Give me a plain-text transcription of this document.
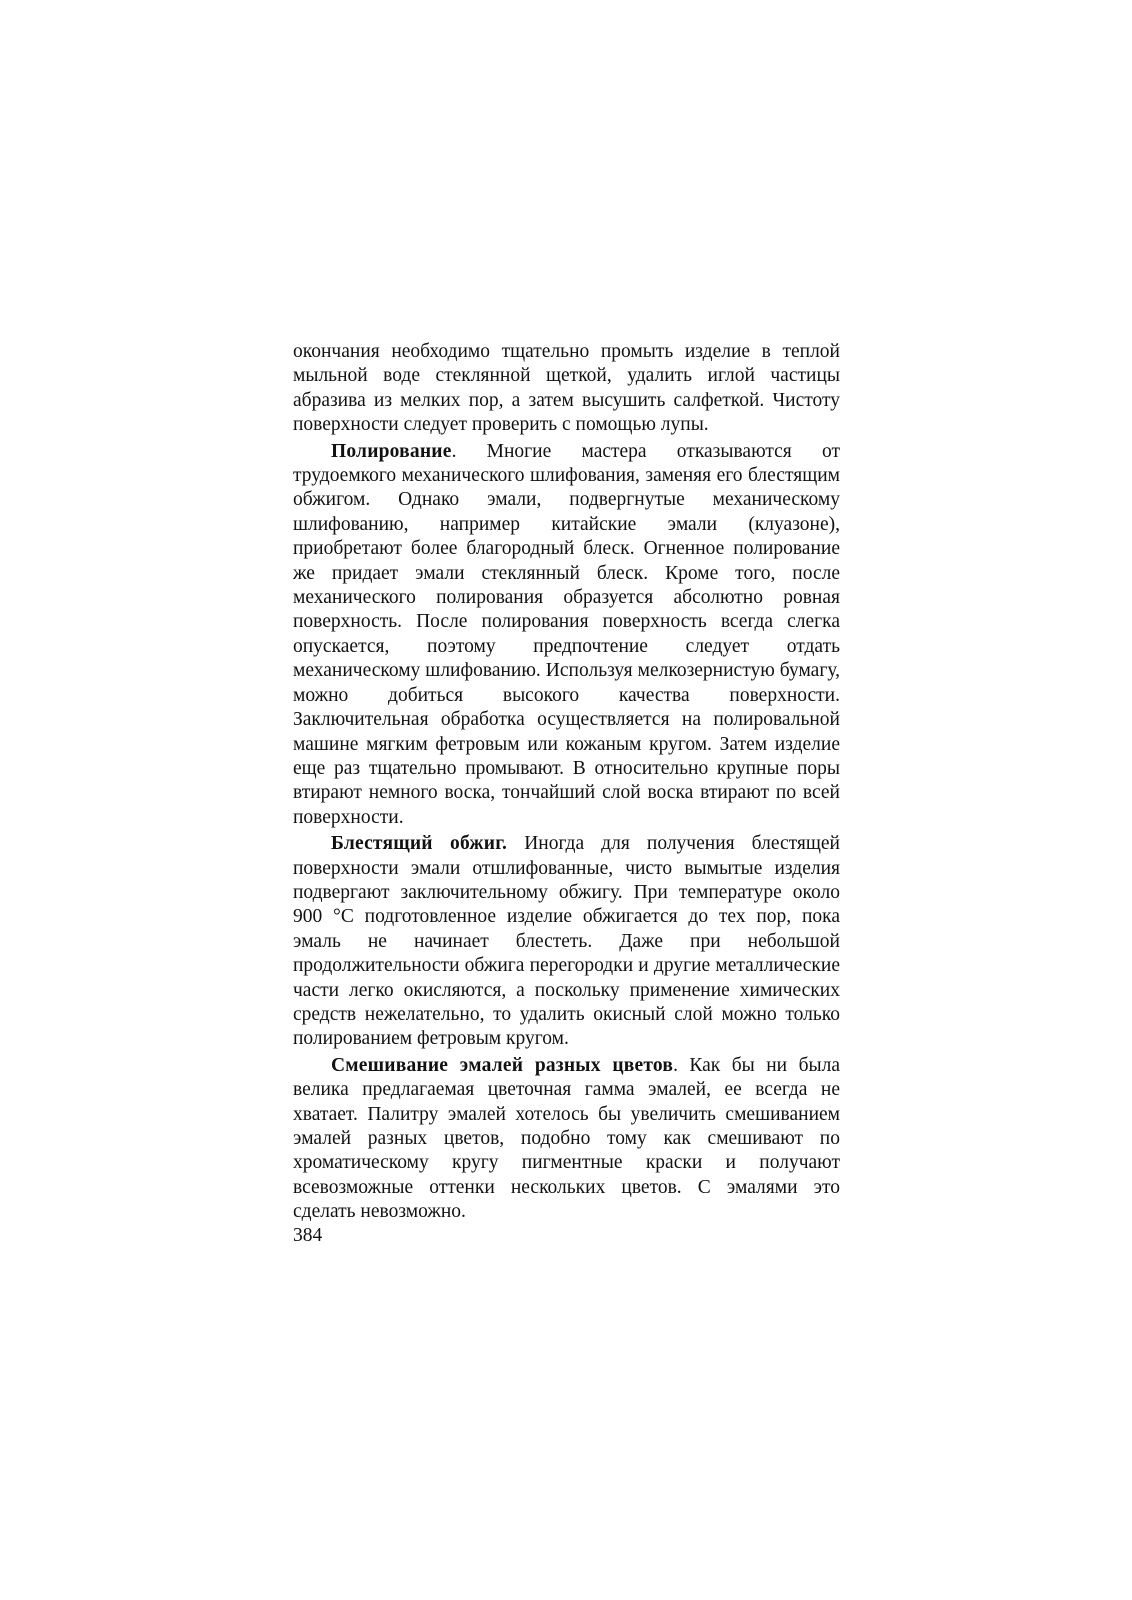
окончания необходимо тщательно промыть изделие в теплой мыльной воде стеклянной щеткой, удалить иглой частицы абразива из мелких пор, а затем высушить салфеткой. Чистоту поверхности следует проверить с помощью лупы.

Полирование. Многие мастера отказываются от трудоемкого механического шлифования, заменяя его блестящим обжигом. Однако эмали, подвергнутые механическому шлифованию, например китайские эмали (клуазоне), приобретают более благородный блеск. Огненное полирование же придает эмали стеклянный блеск. Кроме того, после механического полирования образуется абсолютно ровная поверхность. После полирования поверхность всегда слегка опускается, поэтому предпочтение следует отдать механическому шлифованию. Используя мелкозернистую бумагу, можно добиться высокого качества поверхности. Заключительная обработка осуществляется на полировальной машине мягким фетровым или кожаным кругом. Затем изделие еще раз тщательно промывают. В относительно крупные поры втирают немного воска, тончайший слой воска втирают по всей поверхности.

Блестящий обжиг. Иногда для получения блестящей поверхности эмали отшлифованные, чисто вымытые изделия подвергают заключительному обжигу. При температуре около 900 °C подготовленное изделие обжигается до тех пор, пока эмаль не начинает блестеть. Даже при небольшой продолжительности обжига перегородки и другие металлические части легко окисляются, а поскольку применение химических средств нежелательно, то удалить окисный слой можно только полированием фетровым кругом.

Смешивание эмалей разных цветов. Как бы ни была велика предлагаемая цветочная гамма эмалей, ее всегда не хватает. Палитру эмалей хотелось бы увеличить смешиванием эмалей разных цветов, подобно тому как смешивают по хроматическому кругу пигментные краски и получают всевозможные оттенки нескольких цветов. С эмалями это сделать невозможно.

384
